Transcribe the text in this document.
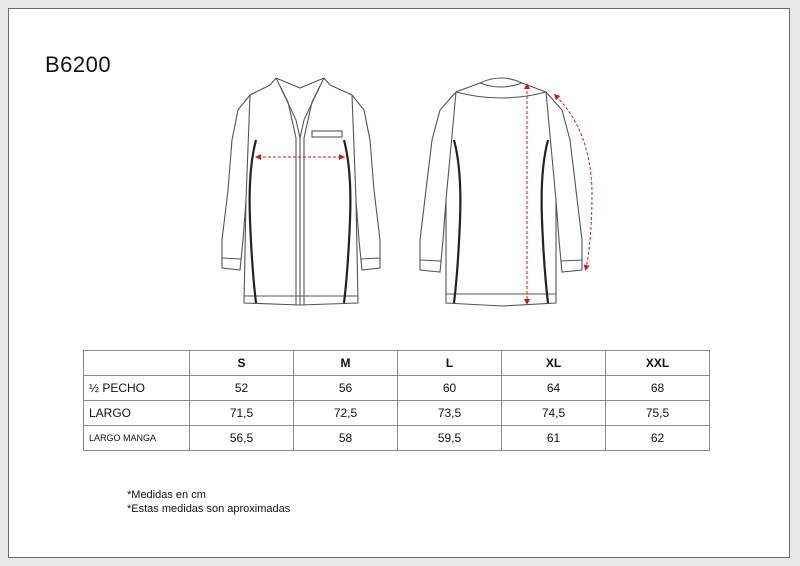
B6200
	S	M	L	XL	XXL
½ PECHO	52	56	60	64	68
LARGO	71,5	72,5	73,5	74,5	75,5
LARGO MANGA	56,5	58	59,5	61	62
*Medidas en cm
*Estas medidas son aproximadas
